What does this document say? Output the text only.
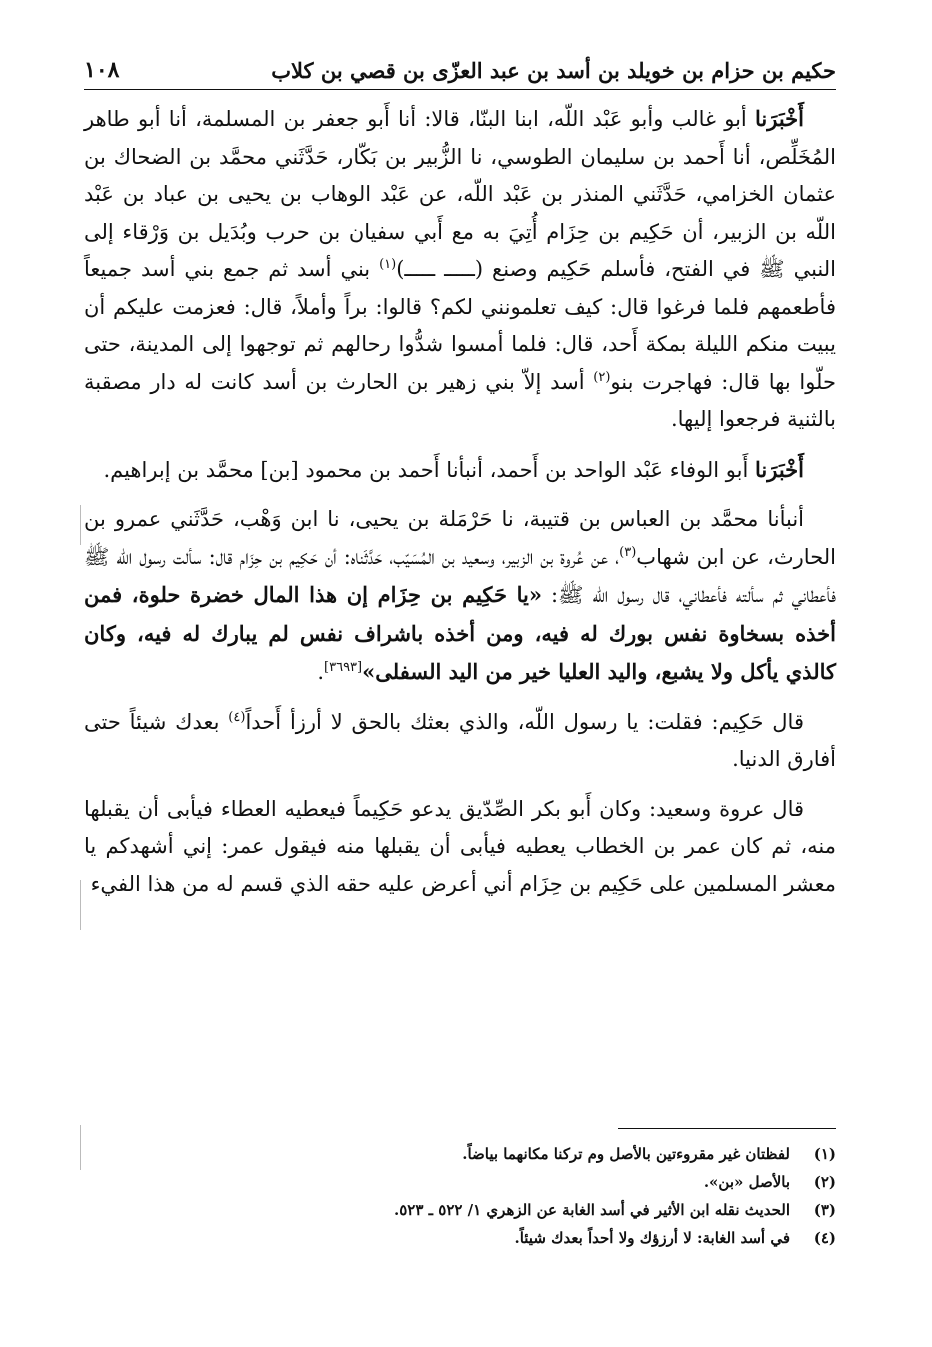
حكيم بن حزام بن خويلد بن أسد بن عبد العزّى بن قصي بن كلاب
١٠٨

أَخْبَرَنا أبو غالب وأبو عَبْد اللّه، ابنا البنّا، قالا: أنا أَبو جعفر بن المسلمة، أنا أبو طاهر المُخَلِّص، أنا أَحمد بن سليمان الطوسي، نا الزُّبير بن بَكّار، حَدَّثَني محمَّد بن الضحاك بن عثمان الخزامي، حَدَّثَني المنذر بن عَبْد اللّه، عن عَبْد الوهاب بن يحيى بن عباد بن عَبْد اللّه بن الزبير، أن حَكِيم بن حِزَام أُتِيَ به مع أَبي سفيان بن حرب وبُدَيل بن وَرْقاء إلى النبي ﷺ في الفتح، فأسلم حَكِيم وصنع (ـــــ ـــــ)$^{(١)}$ بني أسد ثم جمع بني أسد جميعاً فأطعمهم فلما فرغوا قال: كيف تعلمونني لكم؟ قالوا: براً وأملاً، قال: فعزمت عليكم أن يبيت منكم الليلة بمكة أَحد، قال: فلما أمسوا شدُّوا رحالهم ثم توجهوا إلى المدينة، حتى حلّوا بها قال: فهاجرت بنو$^{(٢)}$ أسد إلاّ بني زهير بن الحارث بن أسد كانت له دار مصقبة بالثنية فرجعوا إليها.

أَخْبَرَنا أَبو الوفاء عَبْد الواحد بن أَحمد، أنبأنا أَحمد بن محمود [بن] محمَّد بن إبراهيم.

أنبأنا محمَّد بن العباس بن قتيبة، نا حَرْمَلة بن يحيى، نا ابن وَهْب، حَدَّثَني عمرو بن الحارث، عن ابن شهاب$^{(٣)}$، عن عُروة بن الزبير، وسعيد بن المُسَيّب، حَدَّثَناه: أن حَكِيم بن حِزَام قال: سألت رسول اللّه ﷺ فأعطاني ثم سألته فأعطاني، قال رسول اللّه ﷺ: «يا حَكِيم بن حِزَام إن هذا المال خضرة حلوة، فمن أخذه بسخاوة نفس بورك له فيه، ومن أخذه باشراف نفس لم يبارك له فيه، وكان كالذي يأكل ولا يشبع، واليد العليا خير من اليد السفلى»[٣٦٩٣].

قال حَكِيم: فقلت: يا رسول اللّه، والذي بعثك بالحق لا أرزأ أَحداً$^{(٤)}$ بعدك شيئاً حتى أفارق الدنيا.

قال عروة وسعيد: وكان أَبو بكر الصِّدّيق يدعو حَكِيماً فيعطيه العطاء فيأبى أن يقبلها منه، ثم كان عمر بن الخطاب يعطيه فيأبى أن يقبلها منه فيقول عمر: إني أشهدكم يا معشر المسلمين على حَكِيم بن حِزَام أني أعرض عليه حقه الذي قسم له من هذا الفيء

(١)
لفظتان غير مقروءتين بالأصل وم تركنا مكانهما بياضاً.
(٢)
بالأصل «بن».
(٣)
الحديث نقله ابن الأثير في أسد الغابة عن الزهري ١/ ٥٢٢ ـ ٥٢٣.
(٤)
في أسد الغابة: لا أرزؤك ولا أحداً بعدك شيئاً.
